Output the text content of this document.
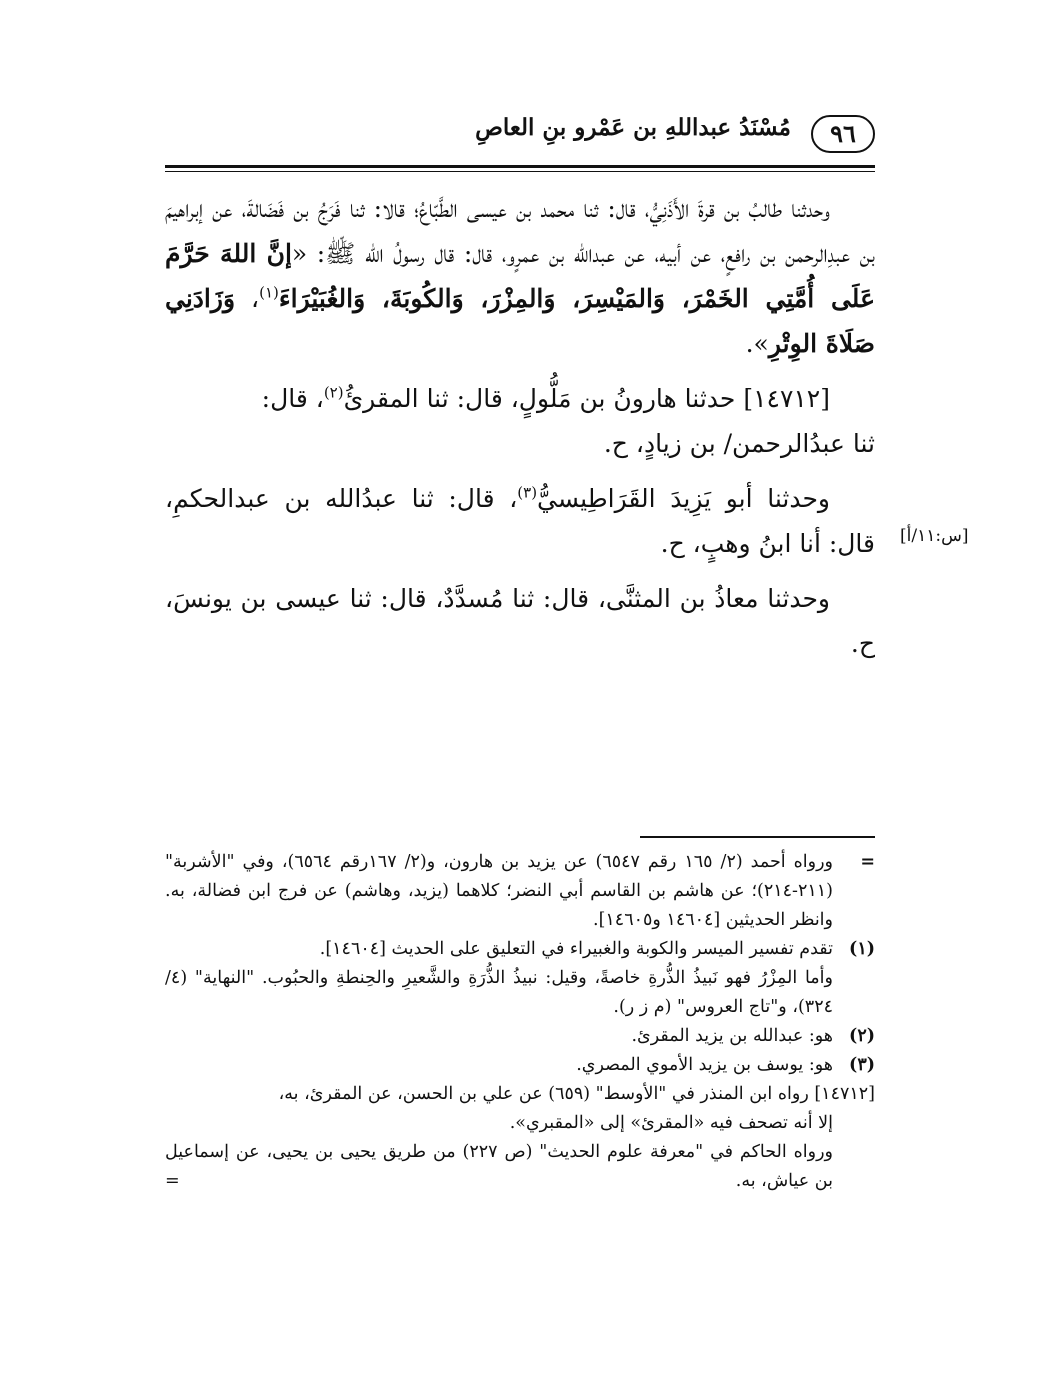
٩٦
مُسْنَدُ عبداللهِ بن عَمْرو بنِ العاصِ
[س:١١/أ]

وحدثنا طالبُ بن قرةَ الأَذَنِيُّ، قال: ثنا محمد بن عيسى الطَّبّاعُ؛ قالا: ثنا فَرَجُ بن فَضَالةَ، عن إبراهيمَ بن عبدِالرحمن بن رافعٍ، عن أبيه، عن عبدالله بن عمرٍو، قال: قال رسولُ الله ﷺ: «إنَّ اللهَ حَرَّمَ عَلَى أُمَّتِي الخَمْرَ، وَالمَيْسِرَ، وَالمِزْرَ، وَالكُوبَةَ، وَالغُبَيْرَاءَ$^{(١)}$، وَزَادَنِي صَلَاةَ الوِتْرِ».

[١٤٧١٢] حدثنا هارونُ بن مَلُّولٍ، قال: ثنا المقرئُ$^{(٢)}$، قال:
ثنا عبدُالرحمن/ بن زيادٍ، ح.

وحدثنا أبو يَزِيدَ القَرَاطِيسيُّ$^{(٣)}$، قال: ثنا عبدُالله بن عبدالحكمِ، قال: أنا ابنُ وهبٍ، ح.

وحدثنا معاذُ بن المثنَّى، قال: ثنا مُسدَّدٌ، قال: ثنا عيسى بن يونسَ، ح.

=
ورواه أحمد (٢/ ١٦٥ رقم ٦٥٤٧) عن يزيد بن هارون، و(٢/ ١٦٧رقم ٦٥٦٤)، وفي "الأشربة" (٢١١-٢١٤)؛ عن هاشم بن القاسم أبي النضر؛ كلاهما (يزيد، وهاشم) عن فرج ابن فضالة، به. وانظر الحديثين [١٤٦٠٤ و١٤٦٠٥].
(١)
تقدم تفسير الميسر والكوبة والغبيراء في التعليق على الحديث [١٤٦٠٤].
وأما المِزْرُ فهو نَبيذُ الذُّرةِ خاصةً، وقيل: نبيذُ الذُّرَةِ والشَّعيرِ والحِنطةِ والحبُوب. "النهاية" (٤/ ٣٢٤)، و"تاج العروس" (م ز ر).
(٢)
هو: عبدالله بن يزيد المقرئ.
(٣)
هو: يوسف بن يزيد الأموي المصري.
[١٤٧١٢] رواه ابن المنذر في "الأوسط" (٦٥٩) عن علي بن الحسن، عن المقرئ، به،
إلا أنه تصحف فيه «المقرئ» إلى «المقبري».
ورواه الحاكم في "معرفة علوم الحديث" (ص ٢٢٧) من طريق يحيى بن يحيى، عن إسماعيل بن عياش، به.
=
